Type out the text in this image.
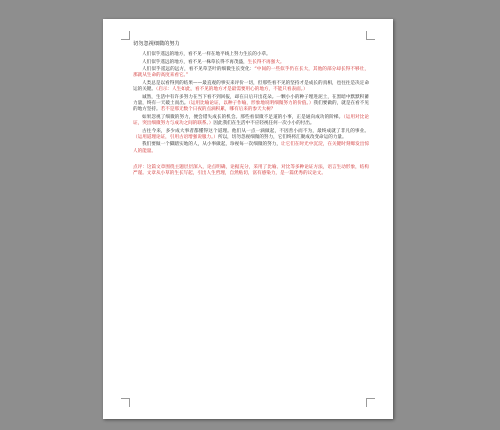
切勿忽视细微的努力

人们似乎遥远的地方，看不见一样在地平线上努力生长的小草。

人们似乎遥远的地方，看不见一株草长得不再茂盛，生长得不再强大。

人们似乎遥远的远方，看不见草茎叶的细微生长变化：“中间的一些似乎仍在长大，其他的部分却长得不够壮，那就从生命的高度来看它。”

人类总是以看得到的结果——最直观的事实来评价一切，但那些看不见的坚持才是成长的真相，也往往是决定命运的关键。（启示：人生如此，看不见的地方才是最需要用心的地方，不能只看表面。）

诚然，生活中有许多努力在当下看不到回报，却在日后开出花朵。一颗小小的种子埋进泥土，在黑暗中默默积蓄力量，终有一天破土而出。（运用比喻论证，以种子作喻，形象地说明细微努力的价值。）我们要做的，就是在看不见的地方坚持。若不是那无数个日夜的点滴积累，哪有后来的参天大树？

如果忽视了细微的努力，便会错失成长的机会。那些看似微不足道的小事，正是通向成功的阶梯。（运用对比论证，突出细微努力与成功之间的联系。）因此我们在生活中不应轻视任何一次小小的付出。

古往今来，多少成大事者都懂得这个道理。他们从一点一滴做起，不因善小而不为，最终成就了非凡的事业。（运用道理论证，引用古语增强说服力。）所以，切勿忽视细微的努力，它们终将汇聚成改变命运的力量。

我们要做一个脚踏实地的人，从小事做起，珍视每一次细微的努力，让它们在时光中沉淀，在关键时刻爆发出惊人的能量。

点评：这篇文章围绕主题层层深入，论点明确，论据充分，采用了比喻、对比等多种论证方法，语言生动形象，结构严谨。文章从小草的生长写起，引出人生哲理，自然贴切，富有感染力，是一篇优秀的议论文。
